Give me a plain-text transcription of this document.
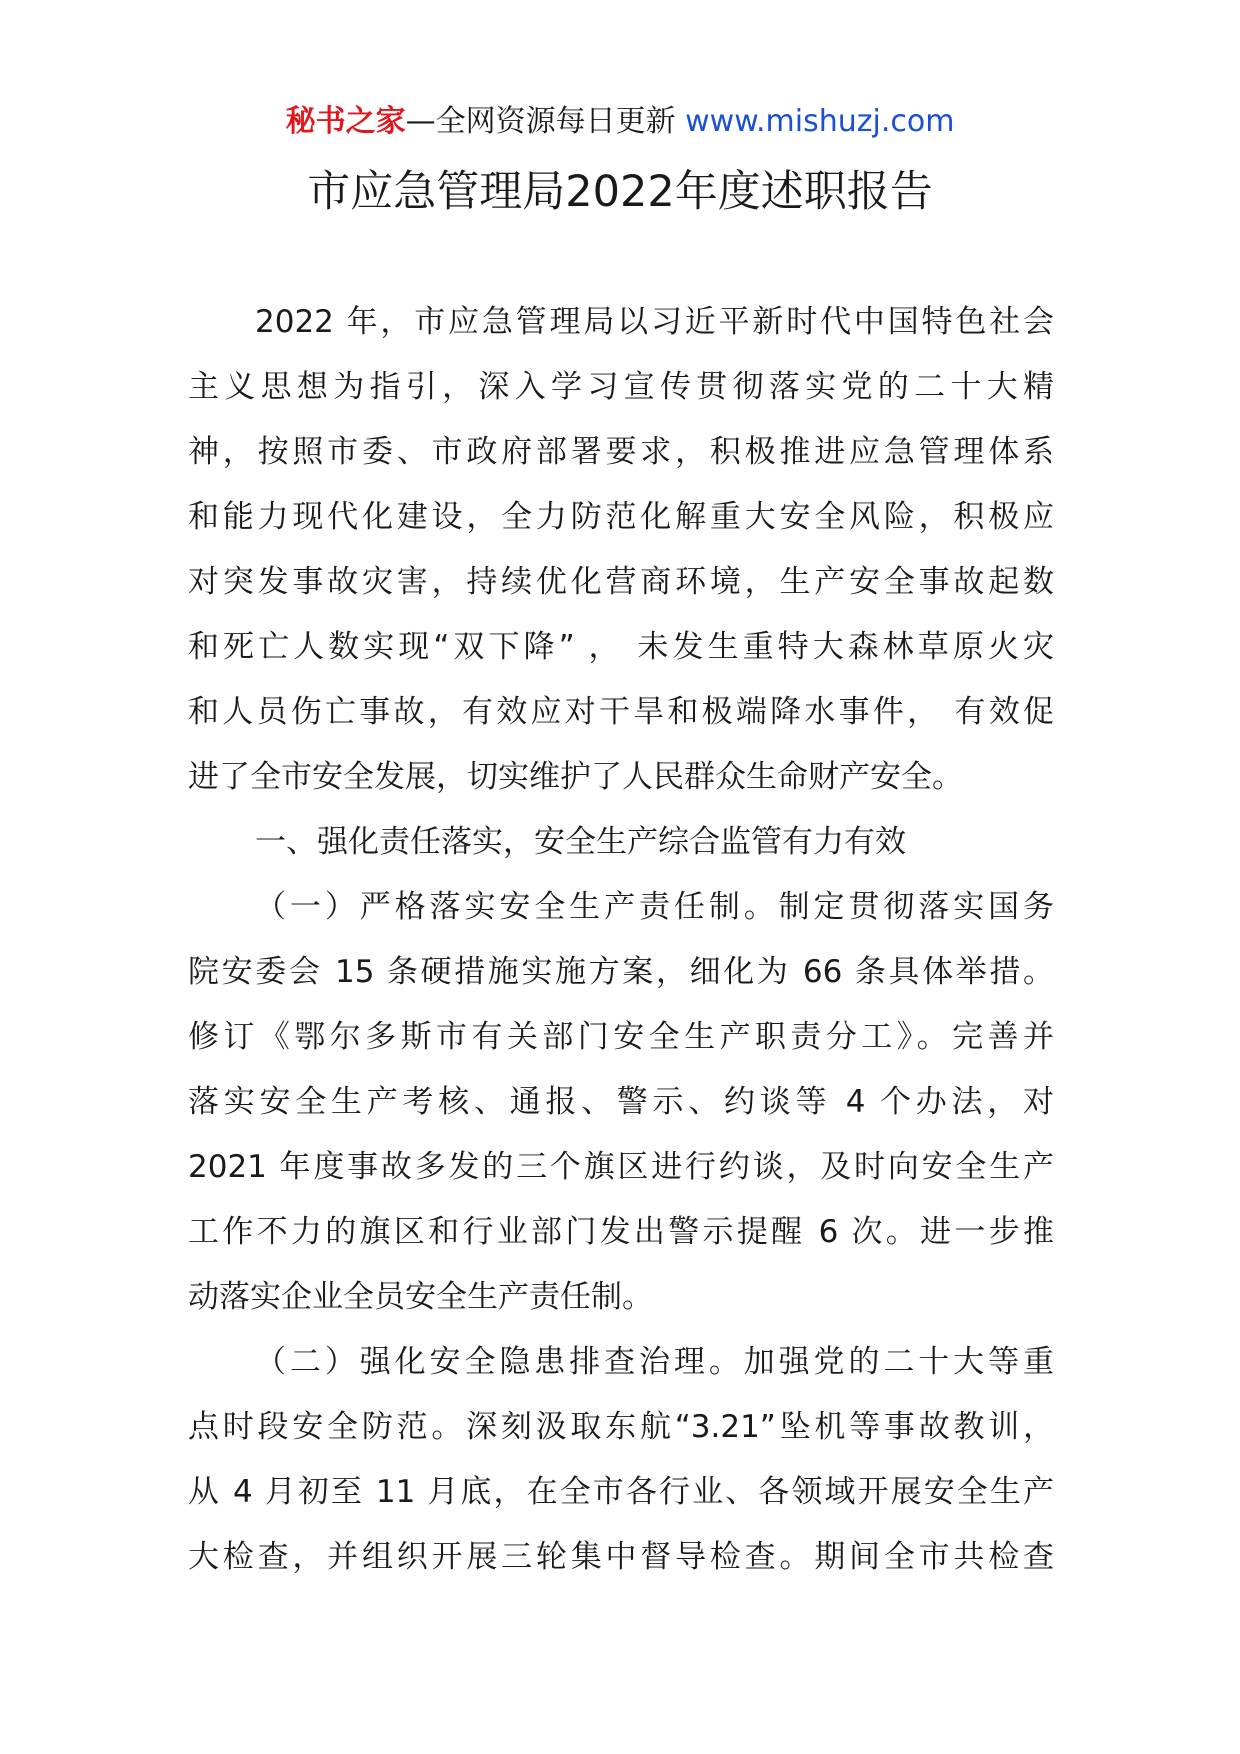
秘书之家—全网资源每日更新 www.mishuzj.com
市应急管理局2022年度述职报告
2022 年，市应急管理局以习近平新时代中国特色社会
主义思想为指引，深入学习宣传贯彻落实党的二十大精
神，按照市委、市政府部署要求，积极推进应急管理体系
和能力现代化建设，全力防范化解重大安全风险，积极应
对突发事故灾害，持续优化营商环境，生产安全事故起数
和死亡人数实现“双下降” ， 未发生重特大森林草原火灾
和人员伤亡事故，有效应对干旱和极端降水事件， 有效促
进了全市安全发展，切实维护了人民群众生命财产安全。
一、强化责任落实，安全生产综合监管有力有效
（一）严格落实安全生产责任制。制定贯彻落实国务
院安委会 15 条硬措施实施方案，细化为 66 条具体举措。
修订《鄂尔多斯市有关部门安全生产职责分工》。完善并
落实安全生产考核、通报、警示、约谈等 4 个办法，对
2021 年度事故多发的三个旗区进行约谈，及时向安全生产
工作不力的旗区和行业部门发出警示提醒 6 次。进一步推
动落实企业全员安全生产责任制。
（二）强化安全隐患排查治理。加强党的二十大等重
点时段安全防范。深刻汲取东航“3.21”坠机等事故教训，
从 4 月初至 11 月底，在全市各行业、各领域开展安全生产
大检查，并组织开展三轮集中督导检查。期间全市共检查
